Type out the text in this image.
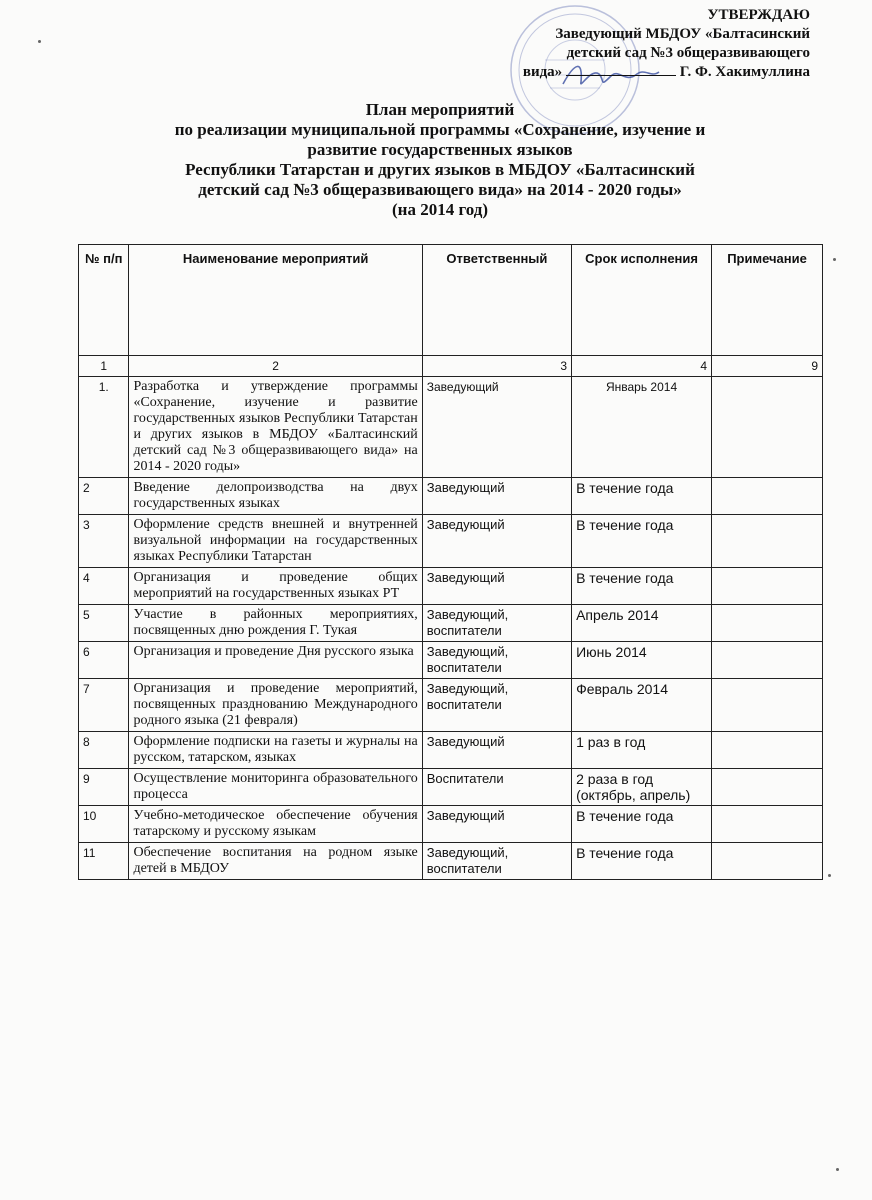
УТВЕРЖДАЮ
Заведующий МБДОУ «Балтасинский
детский сад №3 общеразвивающего
вида»	Г. Ф. Хакимуллина
План мероприятий
по реализации муниципальной программы «Сохранение, изучение и
развитие государственных языков
Республики Татарстан и других языков в МБДОУ «Балтасинский
детский сад №3 общеразвивающего вида» на 2014 - 2020 годы»
(на 2014 год)
№ п/п	Наименование мероприятий	Ответственный	Срок исполнения	Примечание
1	2	3	4	9
1.	Разработка и утверждение программы «Сохранение, изучение и развитие государственных языков Республики Татарстан и других языков в МБДОУ «Балтасинский детский сад №3 общеразвивающего вида» на 2014 - 2020 годы»	Заведующий	Январь 2014	
2	Введение делопроизводства на двух государственных языках	Заведующий	В течение года	
3	Оформление средств внешней и внутренней визуальной информации на государственных языках Республики Татарстан	Заведующий	В течение года	
4	Организация и проведение общих мероприятий на государственных языках РТ	Заведующий	В течение года	
5	Участие в районных мероприятиях, посвященных дню рождения Г. Тукая	Заведующий, воспитатели	Апрель 2014	
6	Организация и проведение Дня русского языка	Заведующий, воспитатели	Июнь 2014	
7	Организация и проведение мероприятий, посвященных празднованию Международного родного языка (21 февраля)	Заведующий, воспитатели	Февраль 2014	
8	Оформление подписки на газеты и журналы на русском, татарском, языках	Заведующий	1 раз в год	
9	Осуществление мониторинга образовательного процесса	Воспитатели	2 раза в год (октябрь, апрель)	
10	Учебно-методическое обеспечение обучения татарскому и русскому языкам	Заведующий	В течение года	
11	Обеспечение воспитания на родном языке детей в МБДОУ	Заведующий, воспитатели	В течение года	
